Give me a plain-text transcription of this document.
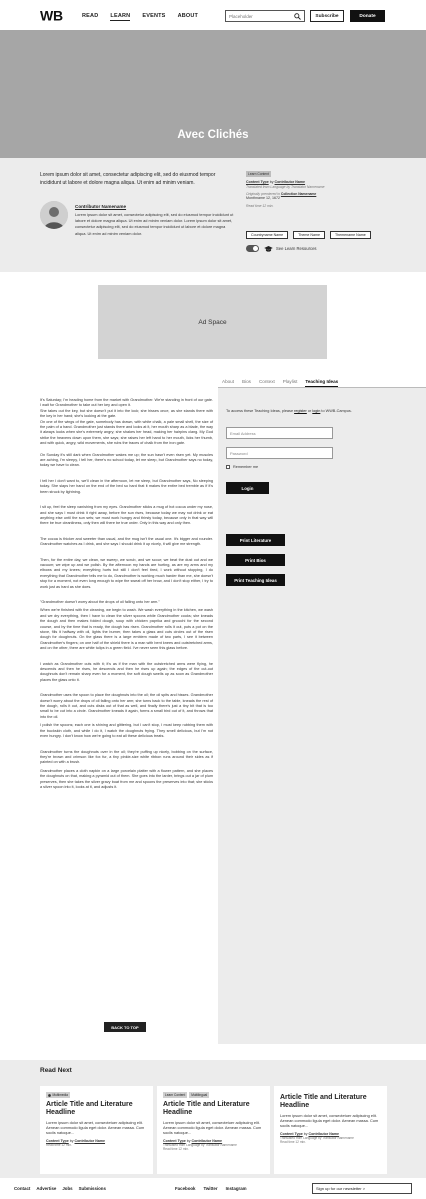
W B	READ LEARN EVENTS ABOUT
Placeholder	Subscribe	Donate
Avec Clichés

Lorem ipsum dolor sit amet, consectetur adipiscing elit, sed do eiusmod tempor incididunt ut labore et dolore magna aliqua. Ut enim ad minim veniam.

Contributor Namename

Lorem ipsum dolor sit amet, consectetur adipiscing elit, sed do eiusmod tempor incididunt ut labore et dolore magna aliqua. Ut enim ad minim veniam dolor. Lorem ipsum dolor sit amet, consectetur adipiscing elit, sed do eiusmod tempor incididunt ut labore et dolore magna aliqua. Ut enim ad minim veniam dolor.

Learn Content
Content Type by Contributor Name
Translated from Language by Translator Namename
Originally premiered in Collection Namename
Monthname 12, 1672
Read time 12 min.
Countryname Name	Theme Name	Themename Name
See Learn Resources
Ad Space
About Bios Context Playlist Teaching Ideas
To access these Teaching Ideas, please register or login to WWB-Campus.
Email Address
Password
Remember me
Login
Print Literature
Print Bios
Print Teaching Ideas

It's Saturday; I'm heading home from the market with Grandmother. We're standing in front of our gate. I wait for Grandmother to take out her key and open it.

She takes out the key, but she doesn't put it into the lock; she hisses once, as she stands there with the key in her hand; she's looking at the gate.

On one of the wings of the gate, somebody has drawn, with white chalk, a pale small shell, the size of the palm of a hand. Grandmother just stands there and looks at it, her mouth sharp as a blade, the way it always looks when she's extremely angry; she shakes her head, making her hairpins clang. My God strike the heavens down upon them, she says; she raises her left hand to her mouth, licks her thumb, and with quick, angry, wild movements, she rubs the traces of chalk from the iron gate.

On Sunday it's still dark when Grandmother wakes me up; the sun hasn't even risen yet. My muscles are aching, I'm sleepy, I tell her, there's no school today, let me sleep, but Grandmother says no today, today we have to clean.

I tell her I don't want to, we'll clean in the afternoon, let me sleep, but Grandmother says, No sleeping today. She slaps her hand on the end of the bed so hard that it makes the entire bed tremble as if it's been struck by lightning.

I sit up, feel the sleep vanishing from my eyes. Grandmother sticks a mug of hot cocoa under my nose, and she says I must drink it right away, before the sun rises, because today we may not drink or eat anything else until the sun sets; we must work hungry and thirsty today, because only in that way will there be true cleanliness, only then will there be true order. Only in this way and only then.

The cocoa is thicker and sweeter than usual, and the mug isn't the usual one. It's bigger and rounder. Grandmother watches as I drink, and she says I should drink it up nicely, it will give me strength.

Then, for the entire day, we clean, we sweep, we scrub, and we scour; we beat the dust out and we vacuum; we wipe up and we polish. By the afternoon my hands are hurting, as are my arms and my elbows and my knees; everything hurts but still I don't feel tired, I work without stopping, I do everything that Grandmother tells me to do, Grandmother is working much harder than me, she doesn't stop for a moment, not even long enough to wipe the sweat off her brow, and I don't stop either, I try to work just as hard as she does.

"Grandmother doesn't worry about the drops of oil falling onto her arm."

When we're finished with the cleaning, we begin to wash. We wash everything in the kitchen, we wash and we dry everything, then I have to clean the silver spoons while Grandmother cooks; she kneads the dough and then makes folded dough, soup with chicken paprika and gnocchi for the second course, and by the time that is ready, the dough has risen. Grandmother rolls it out, puts a pot on the stove, fills it halfway with oil, lights the burner, then takes a glass and cuts circles out of the risen dough for doughnuts. On the glass there is a large emblem made of two parts, I see it between Grandmother's fingers; on one half of the shield there is a man with bent knees and outstretched arms, and on the other, there are white tulips in a green field. I've never seen this glass before.

I watch as Grandmother cuts with it; it's as if the man with the outstretched arms were flying, he descends and then he rises, he descends and then he rises up again; the edges of the cut-out doughnuts don't remain sharp even for a moment, the soft dough swells up as soon as Grandmother places the glass onto it.

Grandmother uses the spoon to place the doughnuts into the oil; the oil spits and hisses. Grandmother doesn't worry about the drops of oil falling onto her arm; she turns back to the table, kneads the rest of the dough, rolls it out, and cuts disks out of that as well, and finally there's just a tiny bit that is too small to be cut into a circle. Grandmother kneads it again, forms a small bird out of it, and throws that into the oil.

I polish the spoons; each one is shining and glittering, but I can't stop, I must keep rubbing them with the buckskin cloth, and while I do it, I watch the doughnuts frying. They smell delicious, but I'm not even hungry. I don't know how we're going to eat all these delicious treats.

Grandmother turns the doughnuts over in the oil; they're puffing up nicely, bobbing on the surface, they're brown and crimson like fox fur, a tiny pinkie-size white ribbon runs around their sides as if painted on with a brush.

Grandmother places a cloth napkin on a large porcelain platter with a flower pattern, and she places the doughnuts on that, making a pyramid out of them. She goes into the larder, brings out a jar of plum preserves, then she takes the silver gravy boat from me and spoons the preserves into that; she sticks a silver spoon into it, looks at it, and adjusts it.

BACK TO TOP
Read Next
Multimedia
Article Title and Literature Headline

Lorem ipsum dolor sit amet, consectetuer adipiscing elit. Aenean commodo ligula eget dolor. Aenean massa. Cum sociis natoque...

Content Type by Contributor Name
Read time 12 min.
Learn Content	Multilingual
Article Title and Literature Headline

Lorem ipsum dolor sit amet, consectetuer adipiscing elit. Aenean commodo ligula eget dolor. Aenean massa. Cum sociis natoque...

Content Type by Contributor Name
Translated from Language by Translator Namename
Read time 12 min.
Article Title and Literature Headline

Lorem ipsum dolor sit amet, consectetuer adipiscing elit. Aenean commodo ligula eget dolor. Aenean massa. Cum sociis natoque...

Content Type by Contributor Name
Translated from Language by Translator Namename
Read time 12 min.
Contact Advertise Jobs Submissions	Facebook Twitter Instagram	Sign up for our newsletter >
